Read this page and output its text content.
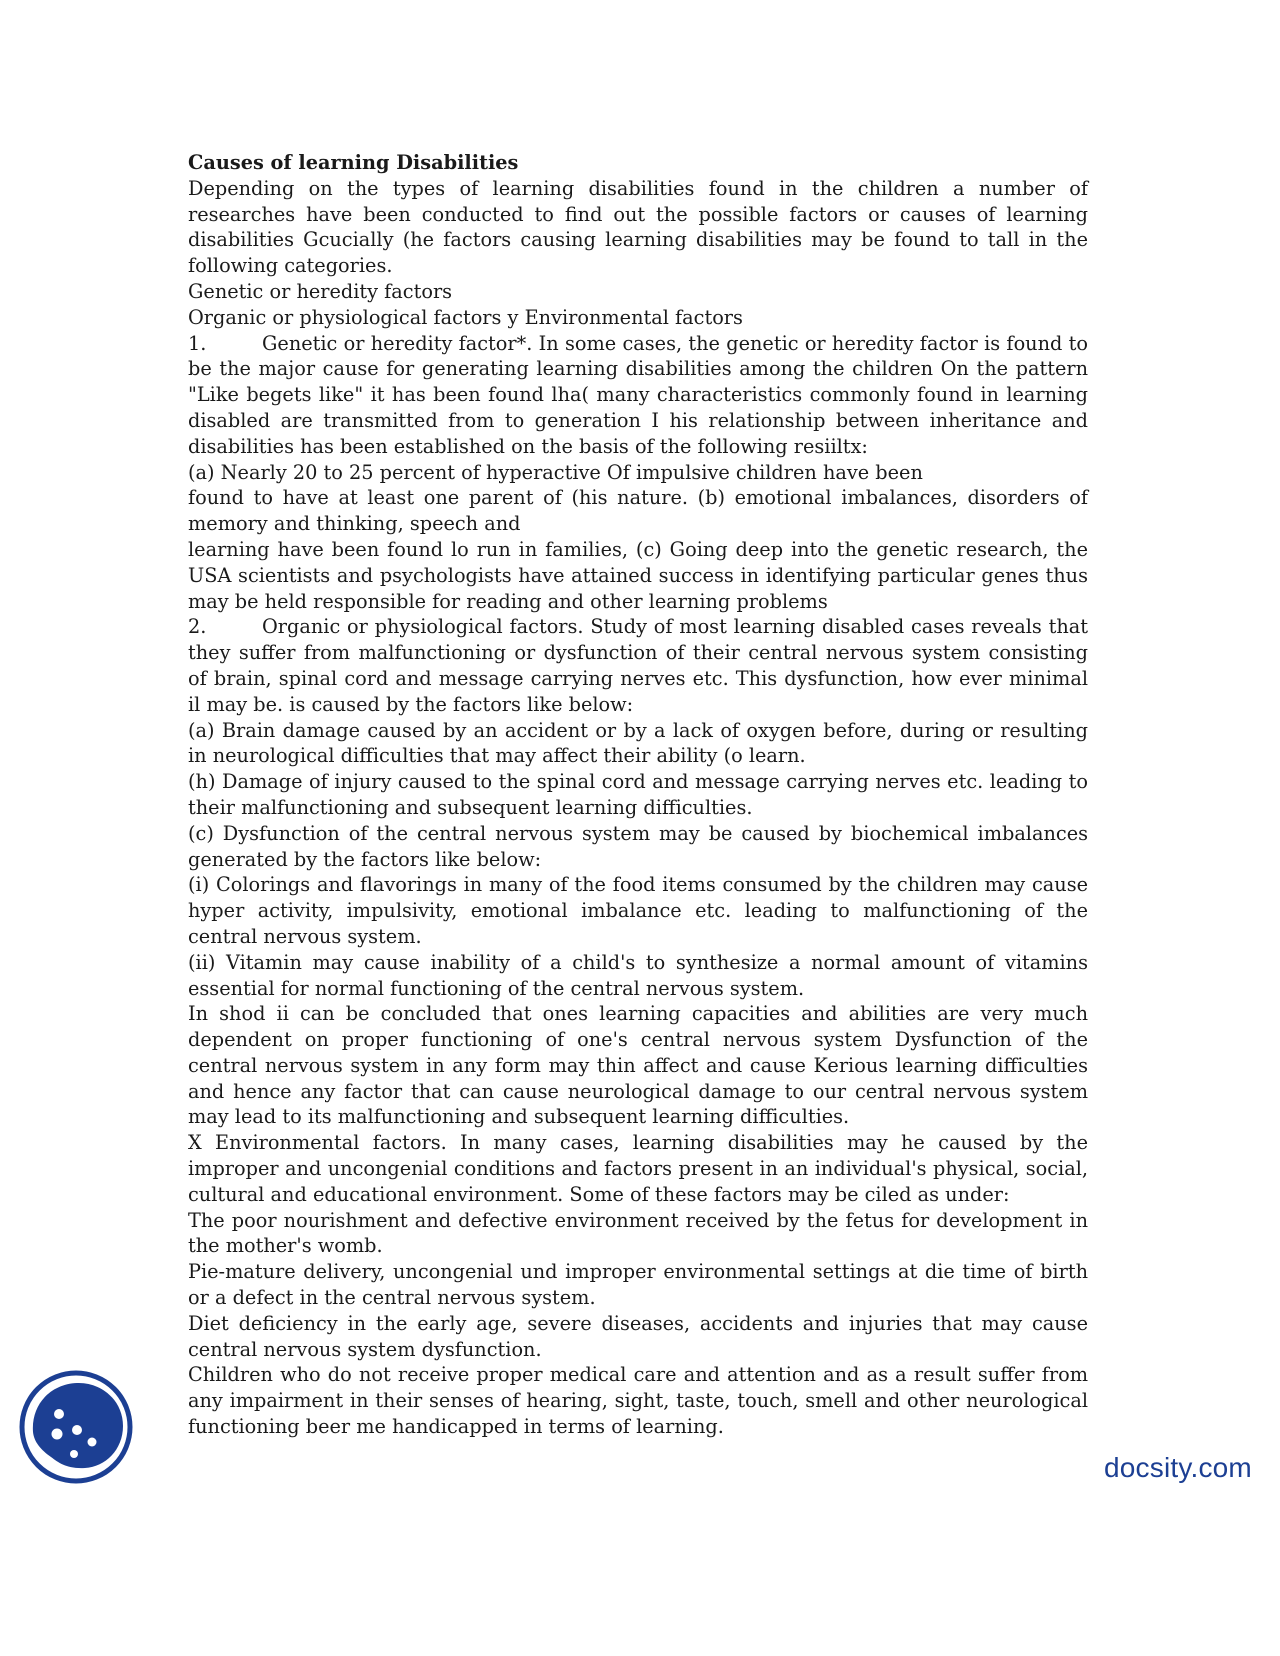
Causes of learning Disabilities

Depending on the types of learning disabilities found in the children a number of researches have been conducted to find out the possible factors or causes of learning disabilities Gcucially (he factors causing learning disabilities may be found to tall in the following categories.

Genetic or heredity factors

Organic or physiological factors y Environmental factors

1.	Genetic or heredity factor*. In some cases, the genetic or heredity factor is found to be the major cause for generating learning disabilities among the children On the pattern "Like begets like" it has been found lha( many characteristics commonly found in learning disabled are transmitted from to generation I his relationship between inheritance and disabilities has been established on the basis of the following resiiltx:

(a) Nearly 20 to 25 percent of hyperactive Of impulsive children have been

found to have at least one parent of (his nature. (b) emotional imbalances, disorders of memory and thinking, speech and

learning have been found lo run in families, (c) Going deep into the genetic research, the USA scientists and psychologists have attained success in identifying particular genes thus may be held responsible for reading and other learning problems

2.	Organic or physiological factors. Study of most learning disabled cases reveals that they suffer from malfunctioning or dysfunction of their central nervous system consisting of brain, spinal cord and message carrying nerves etc. This dysfunction, how ever minimal il may be. is caused by the factors like below:

(a) Brain damage caused by an accident or by a lack of oxygen before, during or resulting in neurological difficulties that may affect their ability (o learn.

(h) Damage of injury caused to the spinal cord and message carrying nerves etc. leading to their malfunctioning and subsequent learning difficulties.

(c) Dysfunction of the central nervous system may be caused by biochemical imbalances generated by the factors like below:

(i) Colorings and flavorings in many of the food items consumed by the children may cause hyper activity, impulsivity, emotional imbalance etc. leading to malfunctioning of the central nervous system.

(ii) Vitamin may cause inability of a child's to synthesize a normal amount of vitamins essential for normal functioning of the central nervous system.

In shod ii can be concluded that ones learning capacities and abilities are very much dependent on proper functioning of one's central nervous system Dysfunction of the central nervous system in any form may thin affect and cause Kerious learning difficulties and hence any factor that can cause neurological damage to our central nervous system may lead to its malfunctioning and subsequent learning difficulties.

X Environmental factors. In many cases, learning disabilities may he caused by the improper and uncongenial conditions and factors present in an individual's physical, social, cultural and educational environment. Some of these factors may be ciled as under:

The poor nourishment and defective environment received by the fetus for development in the mother's womb.

Pie-mature delivery, uncongenial und improper environmental settings at die time of birth or a defect in the central nervous system.

Diet deficiency in the early age, severe diseases, accidents and injuries that may cause central nervous system dysfunction.

Children who do not receive proper medical care and attention and as a result suffer from any impairment in their senses of hearing, sight, taste, touch, smell and other neurological functioning beer me handicapped in terms of learning.

docsity.com
